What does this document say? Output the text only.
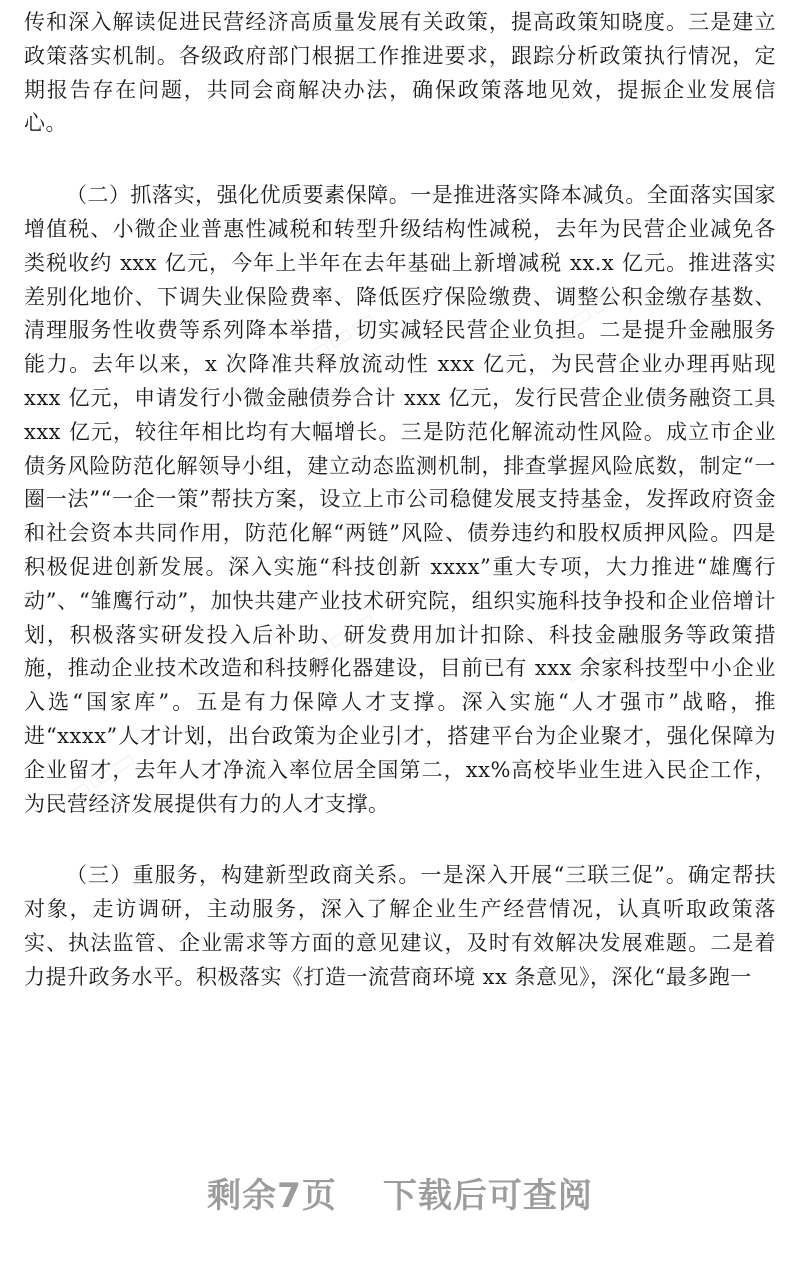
传和深入解读促进民营经济高质量发展有关政策，提高政策知晓度。三是建立政策落实机制。各级政府部门根据工作推进要求，跟踪分析政策执行情况，定期报告存在问题，共同会商解决办法，确保政策落地见效，提振企业发展信心。

（二）抓落实，强化优质要素保障。一是推进落实降本减负。全面落实国家增值税、小微企业普惠性减税和转型升级结构性减税，去年为民营企业减免各类税收约 xxx 亿元，今年上半年在去年基础上新增减税 xx.x 亿元。推进落实差别化地价、下调失业保险费率、降低医疗保险缴费、调整公积金缴存基数、清理服务性收费等系列降本举措，切实减轻民营企业负担。二是提升金融服务能力。去年以来，x 次降准共释放流动性 xxx 亿元，为民营企业办理再贴现 xxx 亿元，申请发行小微金融债券合计 xxx 亿元，发行民营企业债务融资工具 xxx 亿元，较往年相比均有大幅增长。三是防范化解流动性风险。成立市企业债务风险防范化解领导小组，建立动态监测机制，排查掌握风险底数，制定“一圈一法”“一企一策”帮扶方案，设立上市公司稳健发展支持基金，发挥政府资金和社会资本共同作用，防范化解“两链”风险、债券违约和股权质押风险。四是积极促进创新发展。深入实施“科技创新 xxxx”重大专项，大力推进“雄鹰行动”、“雏鹰行动”，加快共建产业技术研究院，组织实施科技争投和企业倍增计划，积极落实研发投入后补助、研发费用加计扣除、科技金融服务等政策措施，推动企业技术改造和科技孵化器建设，目前已有 xxx 余家科技型中小企业入选“国家库”。五是有力保障人才支撑。深入实施“人才强市”战略，推进“xxxx”人才计划，出台政策为企业引才，搭建平台为企业聚才，强化保障为企业留才，去年人才净流入率位居全国第二，xx%高校毕业生进入民企工作，为民营经济发展提供有力的人才支撑。

（三）重服务，构建新型政商关系。一是深入开展“三联三促”。确定帮扶对象，走访调研，主动服务，深入了解企业生产经营情况，认真听取政策落实、执法监管、企业需求等方面的意见建议，及时有效解决发展难题。二是着力提升政务水平。积极落实《打造一流营商环境 xx 条意见》，深化“最多跑一

剩余7页 下载后可查阅
